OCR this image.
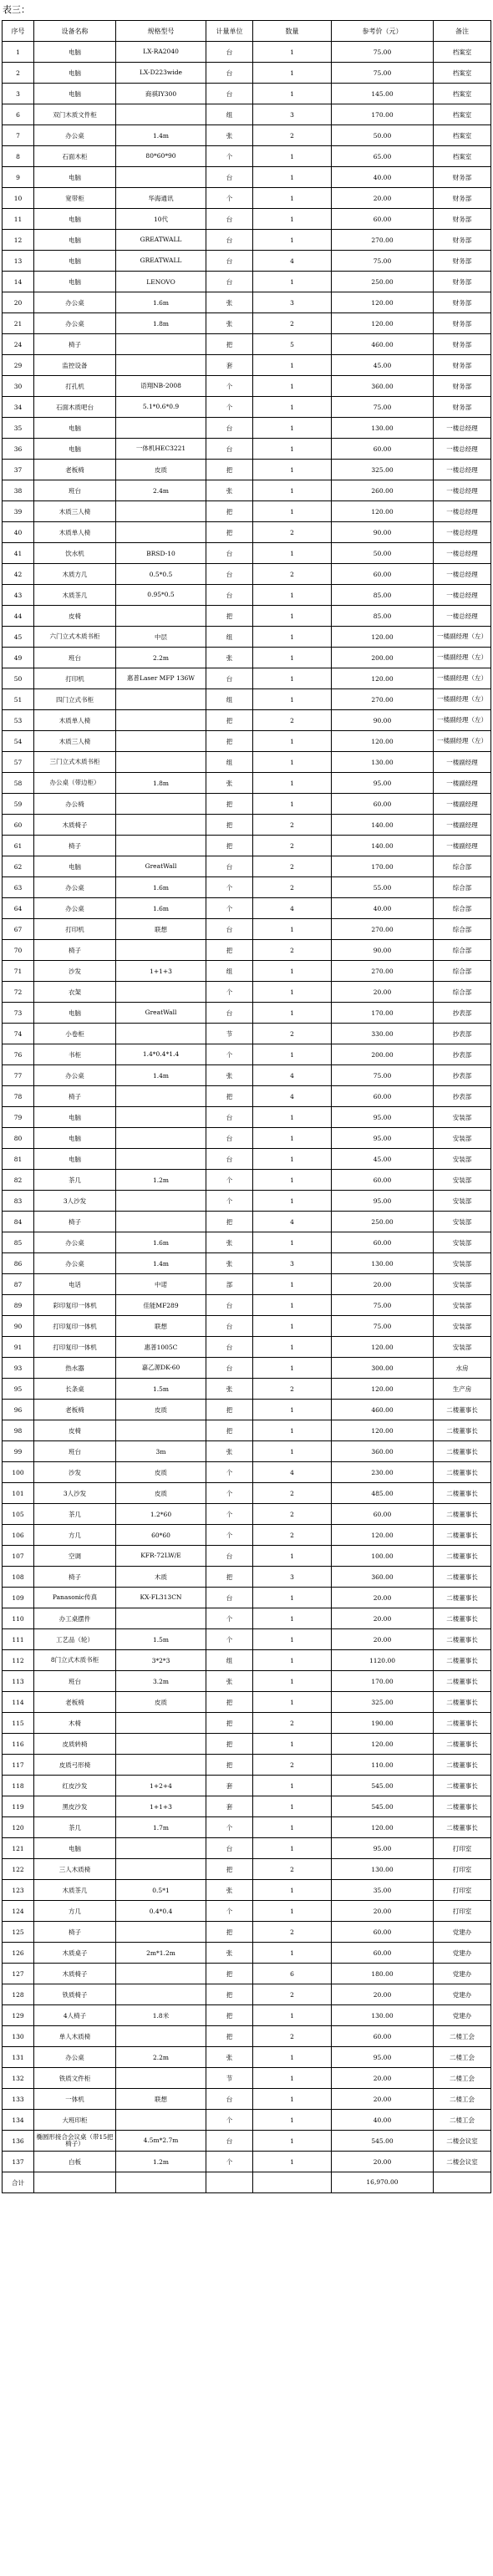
表三：
序号	设备名称	规格型号	计量单位	数量	参考价（元）	备注
1	电脑	LX-RA2040	台	1	75.00	档案室
2	电脑	LX-D223wide	台	1	75.00	档案室
3	电脑	商祺IY300	台	1	145.00	档案室
6	双门木质文件柜		组	3	170.00	档案室
7	办公桌	1.4m	张	2	50.00	档案室
8	石面木柜	80*60*90	个	1	65.00	档案室
9	电脑		台	1	40.00	财务部
10	宽带柜	华海通讯	个	1	20.00	财务部
11	电脑	10代	台	1	60.00	财务部
12	电脑	GREATWALL	台	1	270.00	财务部
13	电脑	GREATWALL	台	4	75.00	财务部
14	电脑	LENOVO	台	1	250.00	财务部
20	办公桌	1.6m	张	3	120.00	财务部
21	办公桌	1.8m	张	2	120.00	财务部
24	椅子		把	5	460.00	财务部
29	监控设备		套	1	45.00	财务部
30	打孔机	语翔NB-2008	个	1	360.00	财务部
34	石面木质吧台	5.1*0.6*0.9	个	1	75.00	财务部
35	电脑		台	1	130.00	一楼总经理
36	电脑	一体机HEC3221	台	1	60.00	一楼总经理
37	老板椅	皮质	把	1	325.00	一楼总经理
38	班台	2.4m	张	1	260.00	一楼总经理
39	木质三人椅		把	1	120.00	一楼总经理
40	木质单人椅		把	2	90.00	一楼总经理
41	饮水机	BRSD-10	台	1	50.00	一楼总经理
42	木质方几	0.5*0.5	台	2	60.00	一楼总经理
43	木质茶几	0.95*0.5	台	1	85.00	一楼总经理
44	皮椅		把	1	85.00	一楼总经理
45	六门立式木质书柜	中层	组	1	120.00	一楼副经理（左）
49	班台	2.2m	张	1	200.00	一楼副经理（左）
50	打印机	惠普Laser MFP 136W	台	1	120.00	一楼副经理（左）
51	四门立式书柜		组	1	270.00	一楼副经理（左）
53	木质单人椅		把	2	90.00	一楼副经理（左）
54	木质三人椅		把	1	120.00	一楼副经理（左）
57	三门立式木质书柜		组	1	130.00	一楼副经理
58	办公桌（带边柜）	1.8m	张	1	95.00	一楼副经理
59	办公椅		把	1	60.00	一楼副经理
60	木质椅子		把	2	140.00	一楼副经理
61	椅子		把	2	140.00	一楼副经理
62	电脑	GreatWall	台	2	170.00	综合部
63	办公桌	1.6m	个	2	55.00	综合部
64	办公桌	1.6m	个	4	40.00	综合部
67	打印机	联想	台	1	270.00	综合部
70	椅子		把	2	90.00	综合部
71	沙发	1+1+3	组	1	270.00	综合部
72	衣架		个	1	20.00	综合部
73	电脑	GreatWall	台	1	170.00	抄表部
74	小卷柜		节	2	330.00	抄表部
76	书柜	1.4*0.4*1.4	个	1	200.00	抄表部
77	办公桌	1.4m	张	4	75.00	抄表部
78	椅子		把	4	60.00	抄表部
79	电脑		台	1	95.00	安装部
80	电脑		台	1	95.00	安装部
81	电脑		台	1	45.00	安装部
82	茶几	1.2m	个	1	60.00	安装部
83	3人沙发		个	1	95.00	安装部
84	椅子		把	4	250.00	安装部
85	办公桌	1.6m	张	1	60.00	安装部
86	办公桌	1.4m	张	3	130.00	安装部
87	电话	中诺	部	1	20.00	安装部
89	彩印复印一体机	佳能MF289	台	1	75.00	安装部
90	打印复印一体机	联想	台	1	75.00	安装部
91	打印复印一体机	惠普1005C	台	1	120.00	安装部
93	热水器	嘉乙源DK-60	台	1	300.00	水房
95	长条桌	1.5m	张	2	120.00	生产房
96	老板椅	皮质	把	1	460.00	二楼董事长
98	皮椅		把	1	120.00	二楼董事长
99	班台	3m	张	1	360.00	二楼董事长
100	沙发	皮质	个	4	230.00	二楼董事长
101	3人沙发	皮质	个	2	485.00	二楼董事长
105	茶几	1.2*60	个	2	60.00	二楼董事长
106	方几	60*60	个	2	120.00	二楼董事长
107	空调	KFR-72LW/E	台	1	100.00	二楼董事长
108	椅子	木质	把	3	360.00	二楼董事长
109	Panasonic传真	KX-FL313CN	台	1	20.00	二楼董事长
110	办工桌摆件		个	1	20.00	二楼董事长
111	工艺品（轮）	1.5m	个	1	20.00	二楼董事长
112	8门立式木质书柜	3*2*3	组	1	1120.00	二楼董事长
113	班台	3.2m	张	1	170.00	二楼董事长
114	老板椅	皮质	把	1	325.00	二楼董事长
115	木椅		把	2	190.00	二楼董事长
116	皮质转椅		把	1	120.00	二楼董事长
117	皮质弓形椅		把	2	110.00	二楼董事长
118	红皮沙发	1+2+4	套	1	545.00	二楼董事长
119	黑皮沙发	1+1+3	套	1	545.00	二楼董事长
120	茶几	1.7m	个	1	120.00	二楼董事长
121	电脑		台	1	95.00	打印室
122	三人木质椅		把	2	130.00	打印室
123	木质茶几	0.5*1	张	1	35.00	打印室
124	方几	0.4*0.4	个	1	20.00	打印室
125	椅子		把	2	60.00	党建办
126	木质桌子	2m*1.2m	张	1	60.00	党建办
127	木质椅子		把	6	180.00	党建办
128	铁质椅子		把	2	20.00	党建办
129	4人椅子	1.8米	把	1	130.00	党建办
130	单人木质椅		把	2	60.00	二楼工会
131	办公桌	2.2m	张	1	95.00	二楼工会
132	铁质文件柜		节	1	20.00	二楼工会
133	一体机	联想	台	1	20.00	二楼工会
134	大班印柜		个	1	40.00	二楼工会
136	椭圆形接合会议桌（带15把椅子）	4.5m*2.7m	台	1	545.00	二楼会议室
137	白板	1.2m	个	1	20.00	二楼会议室
合计					16,970.00	
